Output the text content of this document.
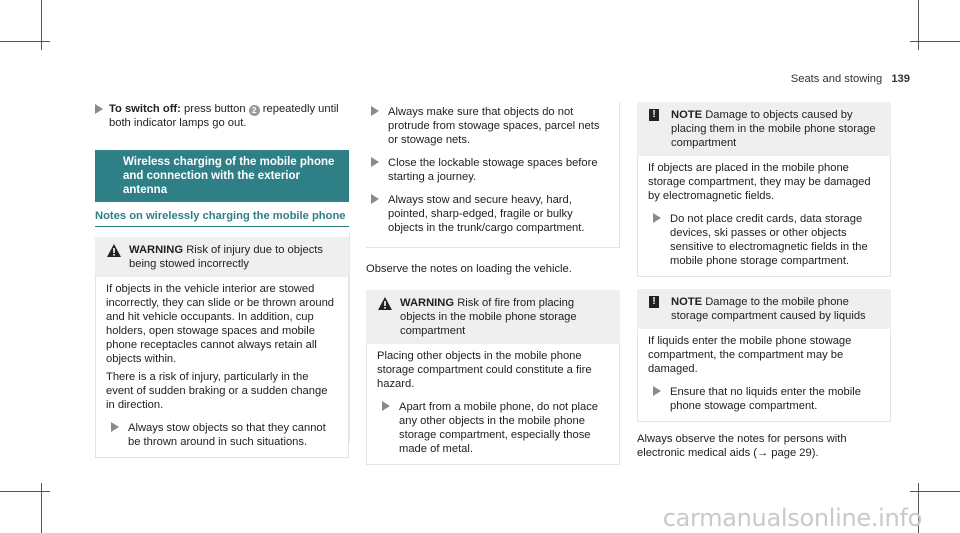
Seats and stowing 139
To switch off: press button 2 repeatedly until both indicator lamps go out.
Wireless charging of the mobile phone and connection with the exterior antenna
Notes on wirelessly charging the mobile phone
WARNING Risk of injury due to objects being stowed incorrectly

If objects in the vehicle interior are stowed incorrectly, they can slide or be thrown around and hit vehicle occupants. In addition, cup holders, open stowage spaces and mobile phone receptacles cannot always retain all objects within.

There is a risk of injury, particularly in the event of sudden braking or a sudden change in direction.

Always stow objects so that they cannot be thrown around in such situations.
Always make sure that objects do not protrude from stowage spaces, parcel nets or stowage nets.
Close the lockable stowage spaces before starting a journey.
Always stow and secure heavy, hard, pointed, sharp-edged, fragile or bulky objects in the trunk/cargo compartment.

Observe the notes on loading the vehicle.

WARNING Risk of fire from placing objects in the mobile phone storage compartment

Placing other objects in the mobile phone storage compartment could constitute a fire hazard.

Apart from a mobile phone, do not place any other objects in the mobile phone storage compartment, especially those made of metal.
! NOTE Damage to objects caused by placing them in the mobile phone storage compartment

If objects are placed in the mobile phone storage compartment, they may be damaged by electromagnetic fields.

Do not place credit cards, data storage devices, ski passes or other objects sensitive to electromagnetic fields in the mobile phone storage compartment.
! NOTE Damage to the mobile phone storage compartment caused by liquids

If liquids enter the mobile phone stowage compartment, the compartment may be damaged.

Ensure that no liquids enter the mobile phone stowage compartment.

Always observe the notes for persons with electronic medical aids (→ page 29).

carmanualsonline.info
